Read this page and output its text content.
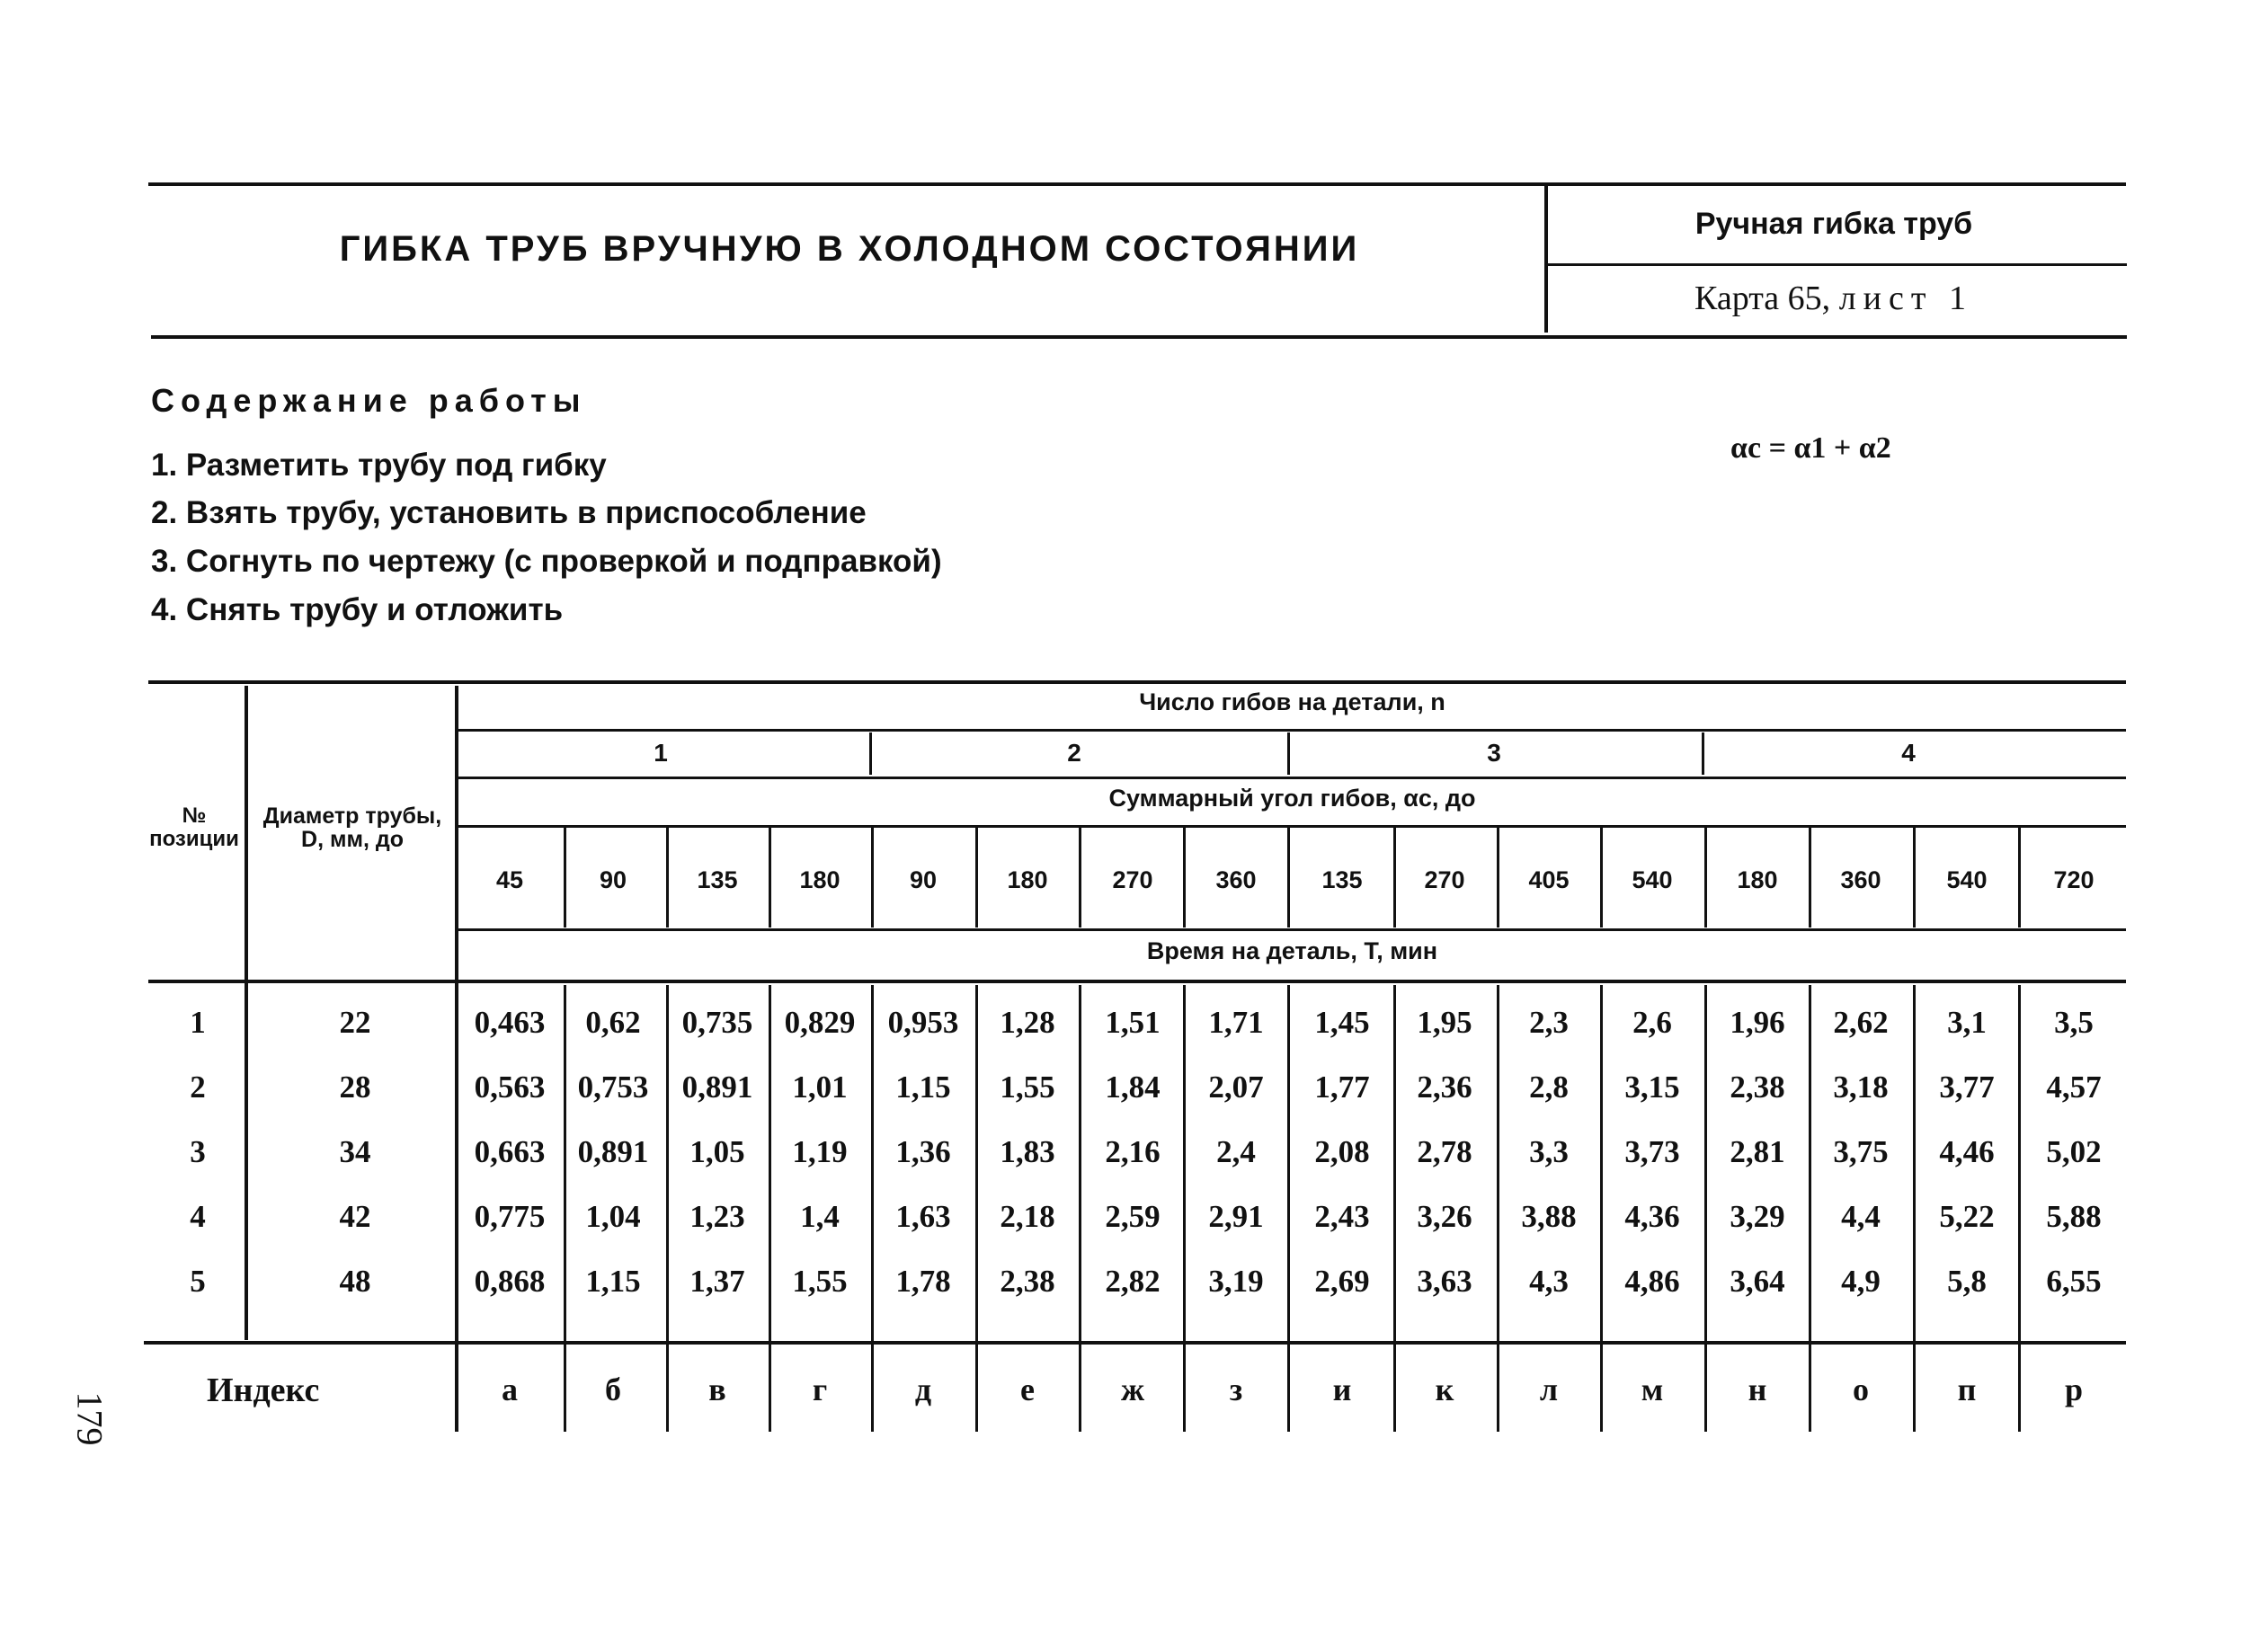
ГИБКА ТРУБ ВРУЧНУЮ В ХОЛОДНОМ СОСТОЯНИИ
Ручная гибка труб
Карта 65, лист 1
Содержание работы
1. Разметить трубу под гибку
2. Взять трубу, установить в приспособление
3. Согнуть по чертежу (с проверкой и подправкой)
4. Снять трубу и отложить
αc = α1 + α2
№ позиции
Диаметр трубы, D, мм, до
Число гибов на детали, n
Суммарный угол гибов, αc, до
Время на деталь, Т, мин
1	2	3	4
45	90	135	180	90	180	270	360	135	270	405	540	180	360	540	720
1	22	0,463	0,62	0,735	0,829	0,953	1,28	1,51	1,71	1,45	1,95	2,3	2,6	1,96	2,62	3,1	3,5
2	28	0,563	0,753	0,891	1,01	1,15	1,55	1,84	2,07	1,77	2,36	2,8	3,15	2,38	3,18	3,77	4,57
3	34	0,663	0,891	1,05	1,19	1,36	1,83	2,16	2,4	2,08	2,78	3,3	3,73	2,81	3,75	4,46	5,02
4	42	0,775	1,04	1,23	1,4	1,63	2,18	2,59	2,91	2,43	3,26	3,88	4,36	3,29	4,4	5,22	5,88
5	48	0,868	1,15	1,37	1,55	1,78	2,38	2,82	3,19	2,69	3,63	4,3	4,86	3,64	4,9	5,8	6,55
Индекс	а	б	в	г	д	е	ж	з	и	к	л	м	н	о	п	р
179
